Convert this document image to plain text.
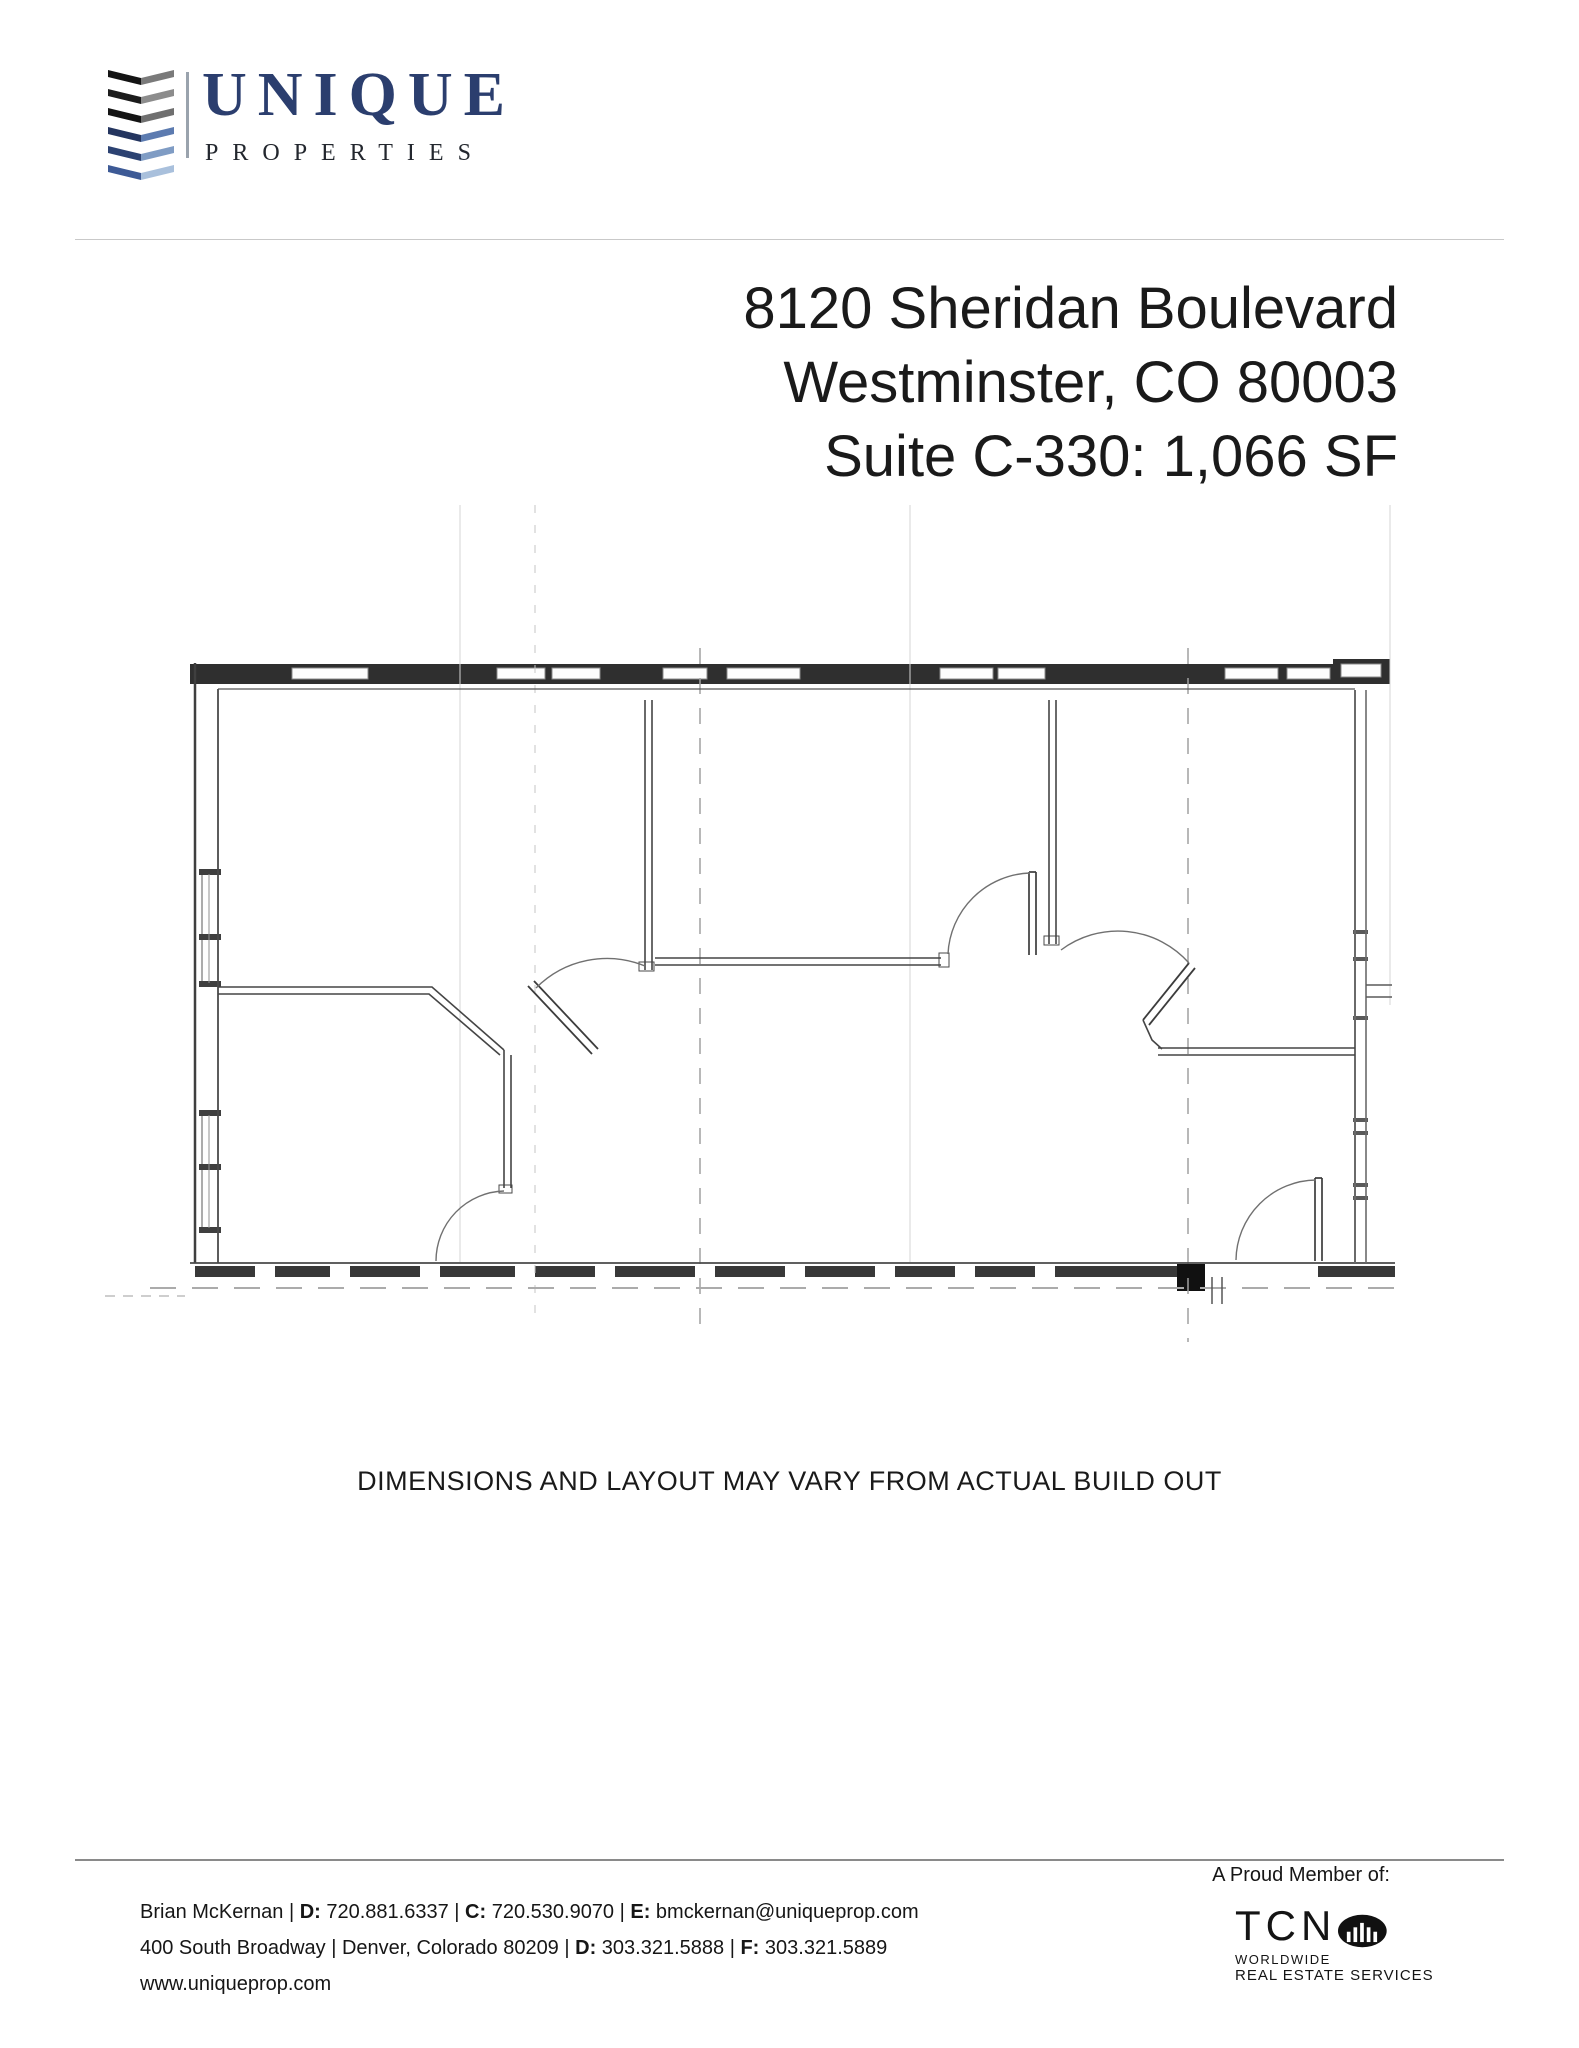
UNIQUE
PROPERTIES
8120 Sheridan Boulevard
Westminster, CO 80003
Suite C-330: 1,066 SF
DIMENSIONS AND LAYOUT MAY VARY FROM ACTUAL BUILD OUT
Brian McKernan | D: 720.881.6337 | C: 720.530.9070 | E: bmckernan@uniqueprop.com
400 South Broadway | Denver, Colorado 80209 | D: 303.321.5888 | F: 303.321.5889
www.uniqueprop.com
A Proud Member of:
TCN
WORLDWIDE
REAL ESTATE SERVICES
